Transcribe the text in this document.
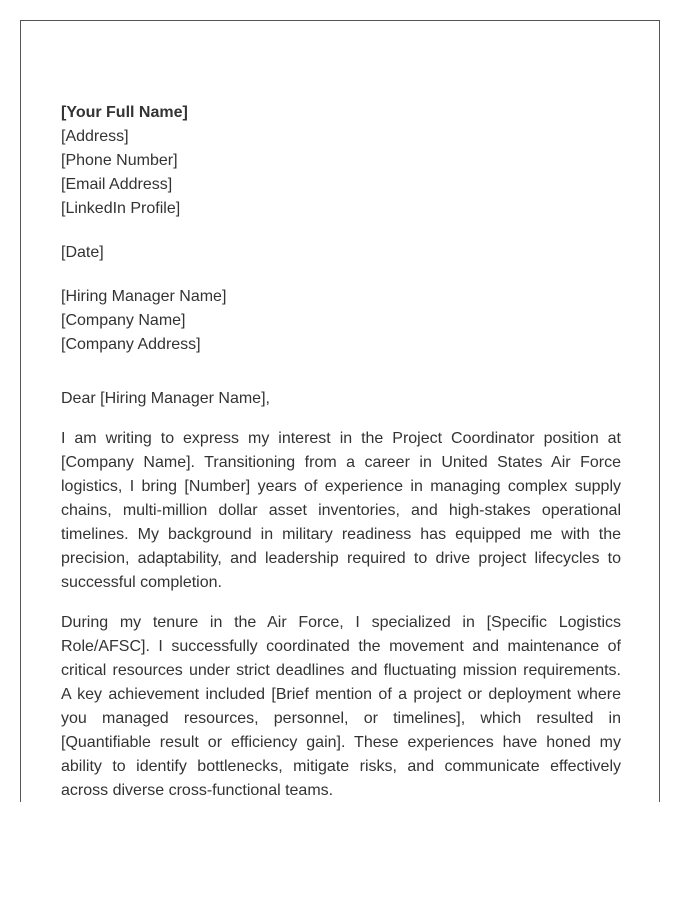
[Your Full Name]
[Address]
[Phone Number]
[Email Address]
[LinkedIn Profile]
[Date]
[Hiring Manager Name]
[Company Name]
[Company Address]
Dear [Hiring Manager Name],

I am writing to express my interest in the Project Coordinator position at [Company Name]. Transitioning from a career in United States Air Force logistics, I bring [Number] years of experience in managing complex supply chains, multi-million dollar asset inventories, and high-stakes operational timelines. My background in military readiness has equipped me with the precision, adaptability, and leadership required to drive project lifecycles to successful completion.

During my tenure in the Air Force, I specialized in [Specific Logistics Role/AFSC]. I successfully coordinated the movement and maintenance of critical resources under strict deadlines and fluctuating mission requirements. A key achievement included [Brief mention of a project or deployment where you managed resources, personnel, or timelines], which resulted in [Quantifiable result or efficiency gain]. These experiences have honed my ability to identify bottlenecks, mitigate risks, and communicate effectively across diverse cross-functional teams.
